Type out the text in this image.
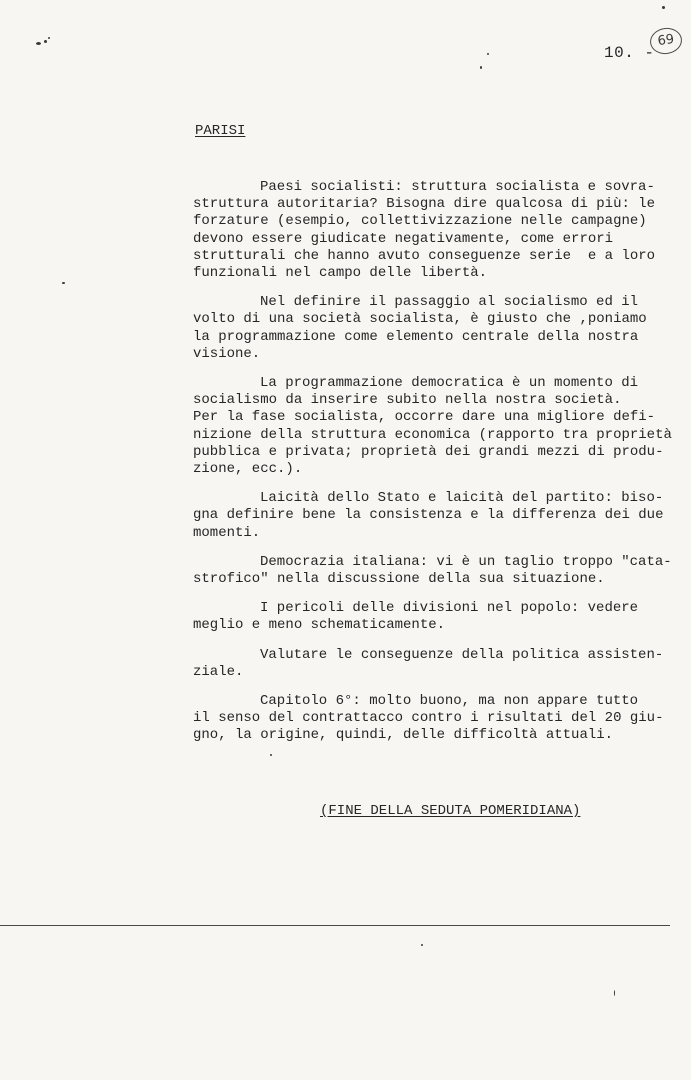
10. -
69
PARISI
Paesi socialisti: struttura socialista e sovra-
struttura autoritaria? Bisogna dire qualcosa di più: le
forzature (esempio, collettivizzazione nelle campagne)
devono essere giudicate negativamente, come errori
strutturali che hanno avuto conseguenze serie  e a loro
funzionali nel campo delle libertà.
Nel definire il passaggio al socialismo ed il
volto di una società socialista, è giusto che ,poniamo
la programmazione come elemento centrale della nostra
visione.
La programmazione democratica è un momento di
socialismo da inserire subito nella nostra società.
Per la fase socialista, occorre dare una migliore defi-
nizione della struttura economica (rapporto tra proprietà
pubblica e privata; proprietà dei grandi mezzi di produ-
zione, ecc.).
Laicità dello Stato e laicità del partito: biso-
gna definire bene la consistenza e la differenza dei due
momenti.
Democrazia italiana: vi è un taglio troppo "cata-
strofico" nella discussione della sua situazione.
I pericoli delle divisioni nel popolo: vedere
meglio e meno schematicamente.
Valutare le conseguenze della politica assisten-
ziale.
Capitolo 6°: molto buono, ma non appare tutto
il senso del contrattacco contro i risultati del 20 giu-
gno, la origine, quindi, delle difficoltà attuali.
(FINE DELLA SEDUTA POMERIDIANA)
